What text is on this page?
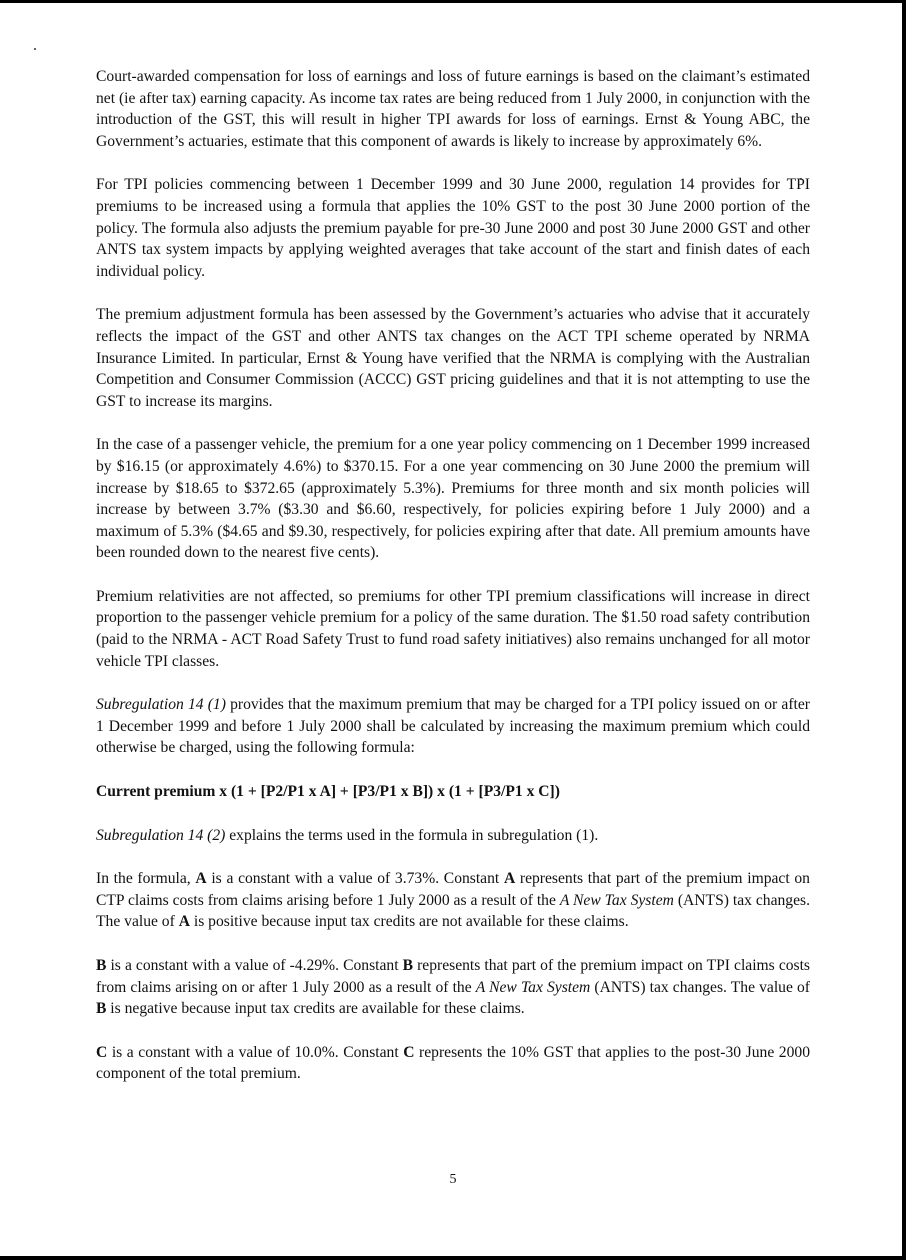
Court-awarded compensation for loss of earnings and loss of future earnings is based on the claimant’s estimated net (ie after tax) earning capacity. As income tax rates are being reduced from 1 July 2000, in conjunction with the introduction of the GST, this will result in higher TPI awards for loss of earnings. Ernst & Young ABC, the Government’s actuaries, estimate that this component of awards is likely to increase by approximately 6%.

For TPI policies commencing between 1 December 1999 and 30 June 2000, regulation 14 provides for TPI premiums to be increased using a formula that applies the 10% GST to the post 30 June 2000 portion of the policy. The formula also adjusts the premium payable for pre-30 June 2000 and post 30 June 2000 GST and other ANTS tax system impacts by applying weighted averages that take account of the start and finish dates of each individual policy.

The premium adjustment formula has been assessed by the Government’s actuaries who advise that it accurately reflects the impact of the GST and other ANTS tax changes on the ACT TPI scheme operated by NRMA Insurance Limited. In particular, Ernst & Young have verified that the NRMA is complying with the Australian Competition and Consumer Commission (ACCC) GST pricing guidelines and that it is not attempting to use the GST to increase its margins.

In the case of a passenger vehicle, the premium for a one year policy commencing on 1 December 1999 increased by $16.15 (or approximately 4.6%) to $370.15. For a one year commencing on 30 June 2000 the premium will increase by $18.65 to $372.65 (approximately 5.3%). Premiums for three month and six month policies will increase by between 3.7% ($3.30 and $6.60, respectively, for policies expiring before 1 July 2000) and a maximum of 5.3% ($4.65 and $9.30, respectively, for policies expiring after that date. All premium amounts have been rounded down to the nearest five cents).

Premium relativities are not affected, so premiums for other TPI premium classifications will increase in direct proportion to the passenger vehicle premium for a policy of the same duration. The $1.50 road safety contribution (paid to the NRMA - ACT Road Safety Trust to fund road safety initiatives) also remains unchanged for all motor vehicle TPI classes.

Subregulation 14 (1) provides that the maximum premium that may be charged for a TPI policy issued on or after 1 December 1999 and before 1 July 2000 shall be calculated by increasing the maximum premium which could otherwise be charged, using the following formula:

Current premium x (1 + [P2/P1 x A] + [P3/P1 x B]) x (1 + [P3/P1 x C])

Subregulation 14 (2) explains the terms used in the formula in subregulation (1).

In the formula, A is a constant with a value of 3.73%. Constant A represents that part of the premium impact on CTP claims costs from claims arising before 1 July 2000 as a result of the A New Tax System (ANTS) tax changes. The value of A is positive because input tax credits are not available for these claims.

B is a constant with a value of -4.29%. Constant B represents that part of the premium impact on TPI claims costs from claims arising on or after 1 July 2000 as a result of the A New Tax System (ANTS) tax changes. The value of B is negative because input tax credits are available for these claims.

C is a constant with a value of 10.0%. Constant C represents the 10% GST that applies to the post-30 June 2000 component of the total premium.

5
